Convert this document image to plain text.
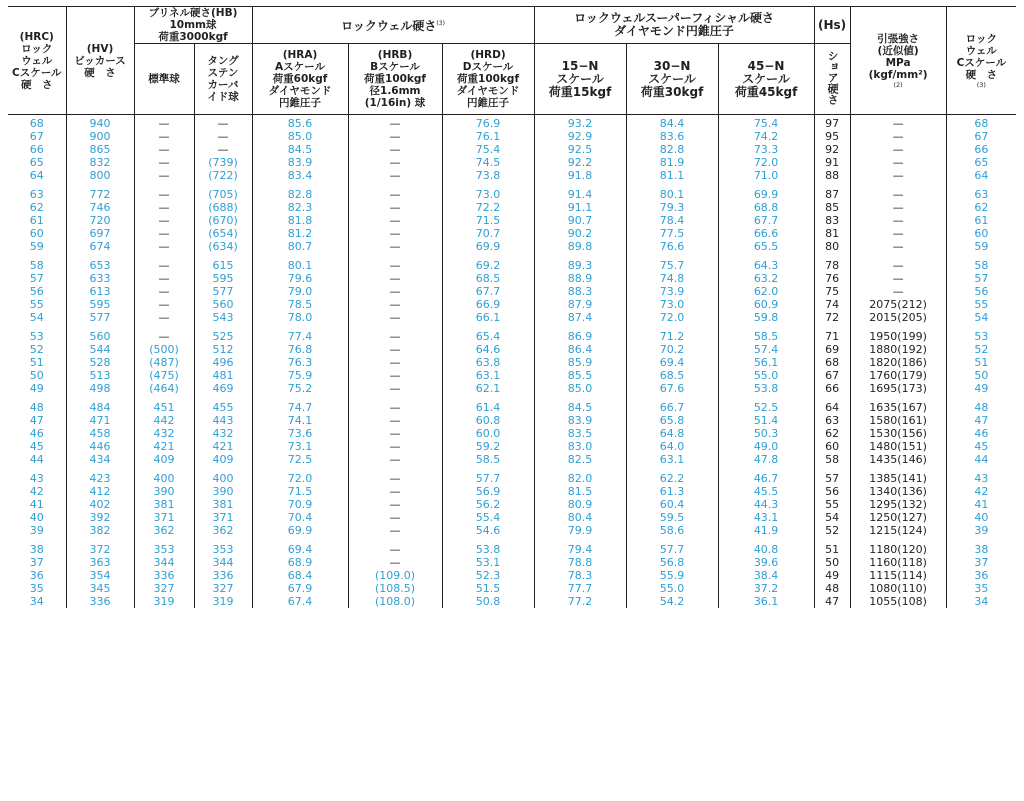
(HRC)
ロック
ウェル
Cスケール
硬　さ	(HV)
ビッカース
硬　さ	ブリネル硬さ(HB)
10mm球
荷重3000kgf		ロックウェル硬さ$^{(3)}$			ロックウェルスーパーフィシャル硬さ
ダイヤモンド円錐圧子			(Hs)	引張強さ
(近似値)
MPa
(kgf/mm²)
(2)	ロック
ウェル
Cスケール
硬　さ
(3)

		標準球	タング
ステン
カーバ
イド球	(HRA)
Aスケール
荷重60kgf
ダイヤモンド
円錐圧子	(HRB)
Bスケール
荷重100kgf
径1.6mm
(1/16in) 球	(HRD)
Dスケール
荷重100kgf
ダイヤモンド
円錐圧子	15−N
スケール
荷重15kgf	30−N
スケール
荷重30kgf	45−N
スケール
荷重45kgf	ショア硬さ		
68	940	—	—	85.6	—	76.9	93.2	84.4	75.4	97	—	68
67	900	—	—	85.0	—	76.1	92.9	83.6	74.2	95	—	67
66	865	—	—	84.5	—	75.4	92.5	82.8	73.3	92	—	66
65	832	—	(739)	83.9	—	74.5	92.2	81.9	72.0	91	—	65
64	800	—	(722)	83.4	—	73.8	91.8	81.1	71.0	88	—	64

63	772	—	(705)	82.8	—	73.0	91.4	80.1	69.9	87	—	63
62	746	—	(688)	82.3	—	72.2	91.1	79.3	68.8	85	—	62
61	720	—	(670)	81.8	—	71.5	90.7	78.4	67.7	83	—	61
60	697	—	(654)	81.2	—	70.7	90.2	77.5	66.6	81	—	60
59	674	—	(634)	80.7	—	69.9	89.8	76.6	65.5	80	—	59

58	653	—	615	80.1	—	69.2	89.3	75.7	64.3	78	—	58
57	633	—	595	79.6	—	68.5	88.9	74.8	63.2	76	—	57
56	613	—	577	79.0	—	67.7	88.3	73.9	62.0	75	—	56
55	595	—	560	78.5	—	66.9	87.9	73.0	60.9	74	2075(212)	55
54	577	—	543	78.0	—	66.1	87.4	72.0	59.8	72	2015(205)	54

53	560	—	525	77.4	—	65.4	86.9	71.2	58.5	71	1950(199)	53
52	544	(500)	512	76.8	—	64.6	86.4	70.2	57.4	69	1880(192)	52
51	528	(487)	496	76.3	—	63.8	85.9	69.4	56.1	68	1820(186)	51
50	513	(475)	481	75.9	—	63.1	85.5	68.5	55.0	67	1760(179)	50
49	498	(464)	469	75.2	—	62.1	85.0	67.6	53.8	66	1695(173)	49

48	484	451	455	74.7	—	61.4	84.5	66.7	52.5	64	1635(167)	48
47	471	442	443	74.1	—	60.8	83.9	65.8	51.4	63	1580(161)	47
46	458	432	432	73.6	—	60.0	83.5	64.8	50.3	62	1530(156)	46
45	446	421	421	73.1	—	59.2	83.0	64.0	49.0	60	1480(151)	45
44	434	409	409	72.5	—	58.5	82.5	63.1	47.8	58	1435(146)	44

43	423	400	400	72.0	—	57.7	82.0	62.2	46.7	57	1385(141)	43
42	412	390	390	71.5	—	56.9	81.5	61.3	45.5	56	1340(136)	42
41	402	381	381	70.9	—	56.2	80.9	60.4	44.3	55	1295(132)	41
40	392	371	371	70.4	—	55.4	80.4	59.5	43.1	54	1250(127)	40
39	382	362	362	69.9	—	54.6	79.9	58.6	41.9	52	1215(124)	39

38	372	353	353	69.4	—	53.8	79.4	57.7	40.8	51	1180(120)	38
37	363	344	344	68.9	—	53.1	78.8	56.8	39.6	50	1160(118)	37
36	354	336	336	68.4	(109.0)	52.3	78.3	55.9	38.4	49	1115(114)	36
35	345	327	327	67.9	(108.5)	51.5	77.7	55.0	37.2	48	1080(110)	35
34	336	319	319	67.4	(108.0)	50.8	77.2	54.2	36.1	47	1055(108)	34
